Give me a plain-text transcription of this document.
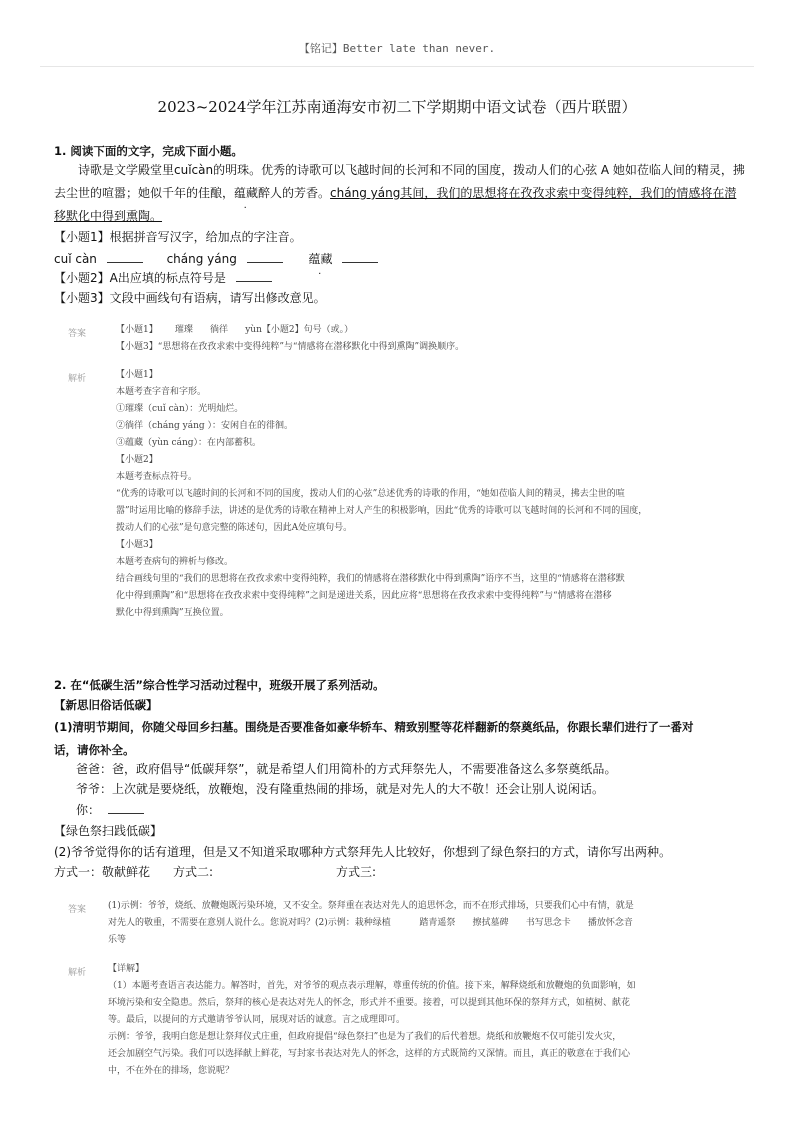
【铭记】Better late than never.
2023~2024学年江苏南通海安市初二下学期期中语文试卷（西片联盟）
1. 阅读下面的文字，完成下面小题。
诗歌是文学殿堂里cuǐcàn的明珠。优秀的诗歌可以飞越时间的长河和不同的国度，拨动人们的心弦 A 她如莅临人间的精灵，拂
去尘世的喧嚣；她似千年的佳酿，蕴藏醉人的芳香。cháng yáng其间，我们的思想将在孜孜求索中变得纯粹，我们的情感将在潜
移默化中得到熏陶。
【小题1】根据拼音写汉字，给加点的字注音。
cuǐ càn	cháng yáng	蕴藏
【小题2】A出应填的标点符号是
【小题3】文段中画线句有语病，请写出修改意见。
答案	【小题1】      璀璨      徜徉      yùn【小题2】句号（或。）
【小题3】“思想将在孜孜求索中变得纯粹”与“情感将在潜移默化中得到熏陶”调换顺序。
解析	【小题1】
本题考查字音和字形。
①璀璨（cuǐ càn）：光明灿烂。
②徜徉（cháng yáng ）：安闲自在的徘徊。
③蕴藏（yùn cáng）：在内部蓄积。
【小题2】
本题考查标点符号。
“优秀的诗歌可以飞越时间的长河和不同的国度，拨动人们的心弦”总述优秀的诗歌的作用，“她如莅临人间的精灵，拂去尘世的喧
嚣”时运用比喻的修辞手法，讲述的是优秀的诗歌在精神上对人产生的积极影响，因此“优秀的诗歌可以飞越时间的长河和不同的国度，
拨动人们的心弦”是句意完整的陈述句，因此A处应填句号。
【小题3】
本题考查病句的辨析与修改。
结合画线句里的“我们的思想将在孜孜求索中变得纯粹，我们的情感将在潜移默化中得到熏陶”语序不当，这里的“情感将在潜移默
化中得到熏陶”和“思想将在孜孜求索中变得纯粹”之间是递进关系，因此应将“思想将在孜孜求索中变得纯粹”与“情感将在潜移
默化中得到熏陶”互换位置。
2. 在“低碳生活”综合性学习活动过程中，班级开展了系列活动。
【新思旧俗话低碳】
(1)清明节期间，你随父母回乡扫墓。围绕是否要准备如豪华轿车、精致别墅等花样翻新的祭奠纸品，你跟长辈们进行了一番对
话，请你补全。
爸爸：爸，政府倡导“低碳拜祭”，就是希望人们用简朴的方式拜祭先人，不需要准备这么多祭奠纸品。
爷爷：上次就是要烧纸，放鞭炮，没有隆重热闹的排场，就是对先人的大不敬！还会让别人说闲话。
你：
【绿色祭扫践低碳】
(2)爷爷觉得你的话有道理，但是又不知道采取哪种方式祭拜先人比较好，你想到了绿色祭扫的方式，请你写出两种。
方式一：敬献鲜花 方式二:	方式三:
答案 (1)示例：爷爷，烧纸、放鞭炮既污染环境，又不安全。祭拜重在表达对先人的追思怀念，而不在形式排场，只要我们心中有情，就是
对先人的敬重，不需要在意别人说什么。您说对吗？(2)示例：栽种绿植          踏青遥祭      擦拭墓碑      书写思念卡      播放怀念音
乐等
解析 【详解】
（1）本题考查语言表达能力。解答时，首先，对爷爷的观点表示理解，尊重传统的价值。接下来，解释烧纸和放鞭炮的负面影响，如
环境污染和安全隐患。然后，祭拜的核心是表达对先人的怀念，形式并不重要。接着，可以提到其他环保的祭拜方式，如植树、献花
等。最后，以提问的方式邀请爷爷认同，展现对话的诚意。言之成理即可。
示例：爷爷，我明白您是想让祭拜仪式庄重，但政府提倡“绿色祭扫”也是为了我们的后代着想。烧纸和放鞭炮不仅可能引发火灾，
还会加剧空气污染。我们可以选择献上鲜花，写封家书表达对先人的怀念，这样的方式既简约又深情。而且，真正的敬意在于我们心
中，不在外在的排场，您说呢？
